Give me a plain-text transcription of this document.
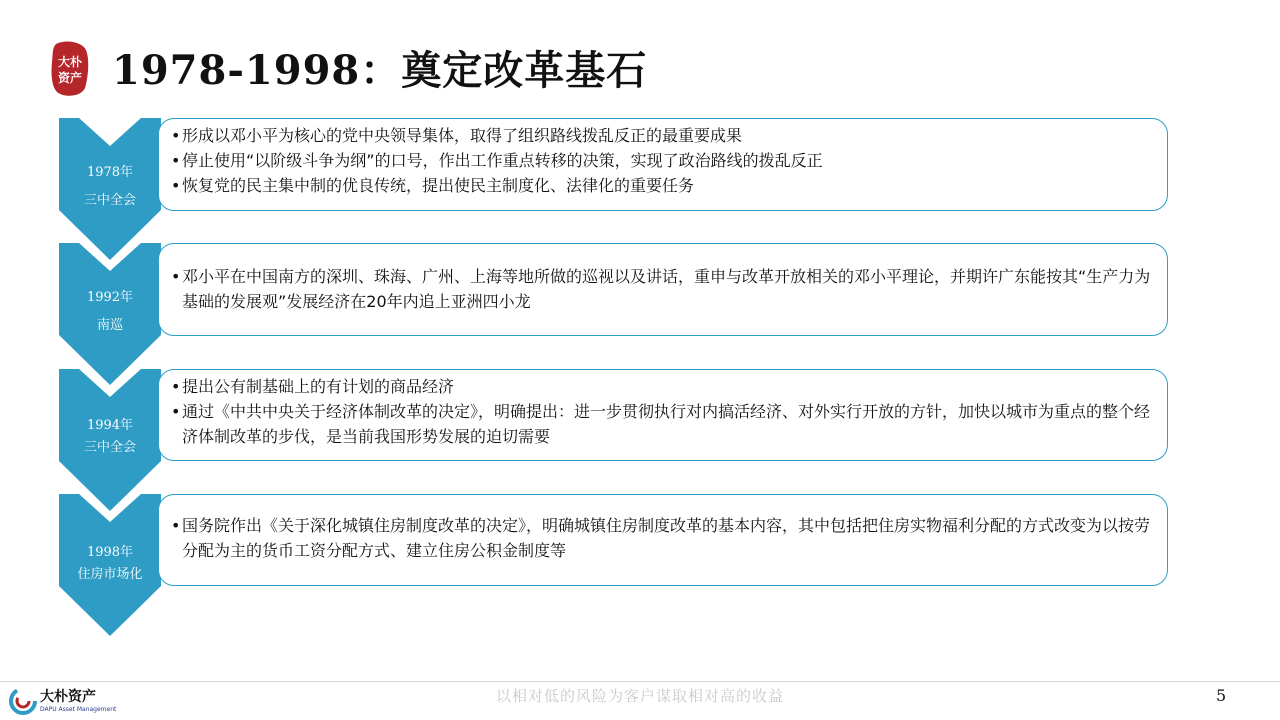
大朴
资产 1978-1998：奠定改革基石
1978年
三中全会
• 形成以邓小平为核心的党中央领导集体，取得了组织路线拨乱反正的最重要成果
• 停止使用“以阶级斗争为纲”的口号，作出工作重点转移的决策，实现了政治路线的拨乱反正
• 恢复党的民主集中制的优良传统，提出使民主制度化、法律化的重要任务
1992年
南巡
• 邓小平在中国南方的深圳、珠海、广州、上海等地所做的巡视以及讲话，重申与改革开放相关的邓小平理论，并期许广东能按其“生产力为基础的发展观”发展经济在20年内追上亚洲四小龙
1994年
三中全会
• 提出公有制基础上的有计划的商品经济
• 通过《中共中央关于经济体制改革的决定》，明确提出：进一步贯彻执行对内搞活经济、对外实行开放的方针，加快以城市为重点的整个经济体制改革的步伐，是当前我国形势发展的迫切需要
1998年
住房市场化
• 国务院作出《关于深化城镇住房制度改革的决定》，明确城镇住房制度改革的基本内容，其中包括把住房实物福利分配的方式改变为以按劳分配为主的货币工资分配方式、建立住房公积金制度等
大朴资产
DAPU Asset Management
以相对低的风险为客户谋取相对高的收益	5
